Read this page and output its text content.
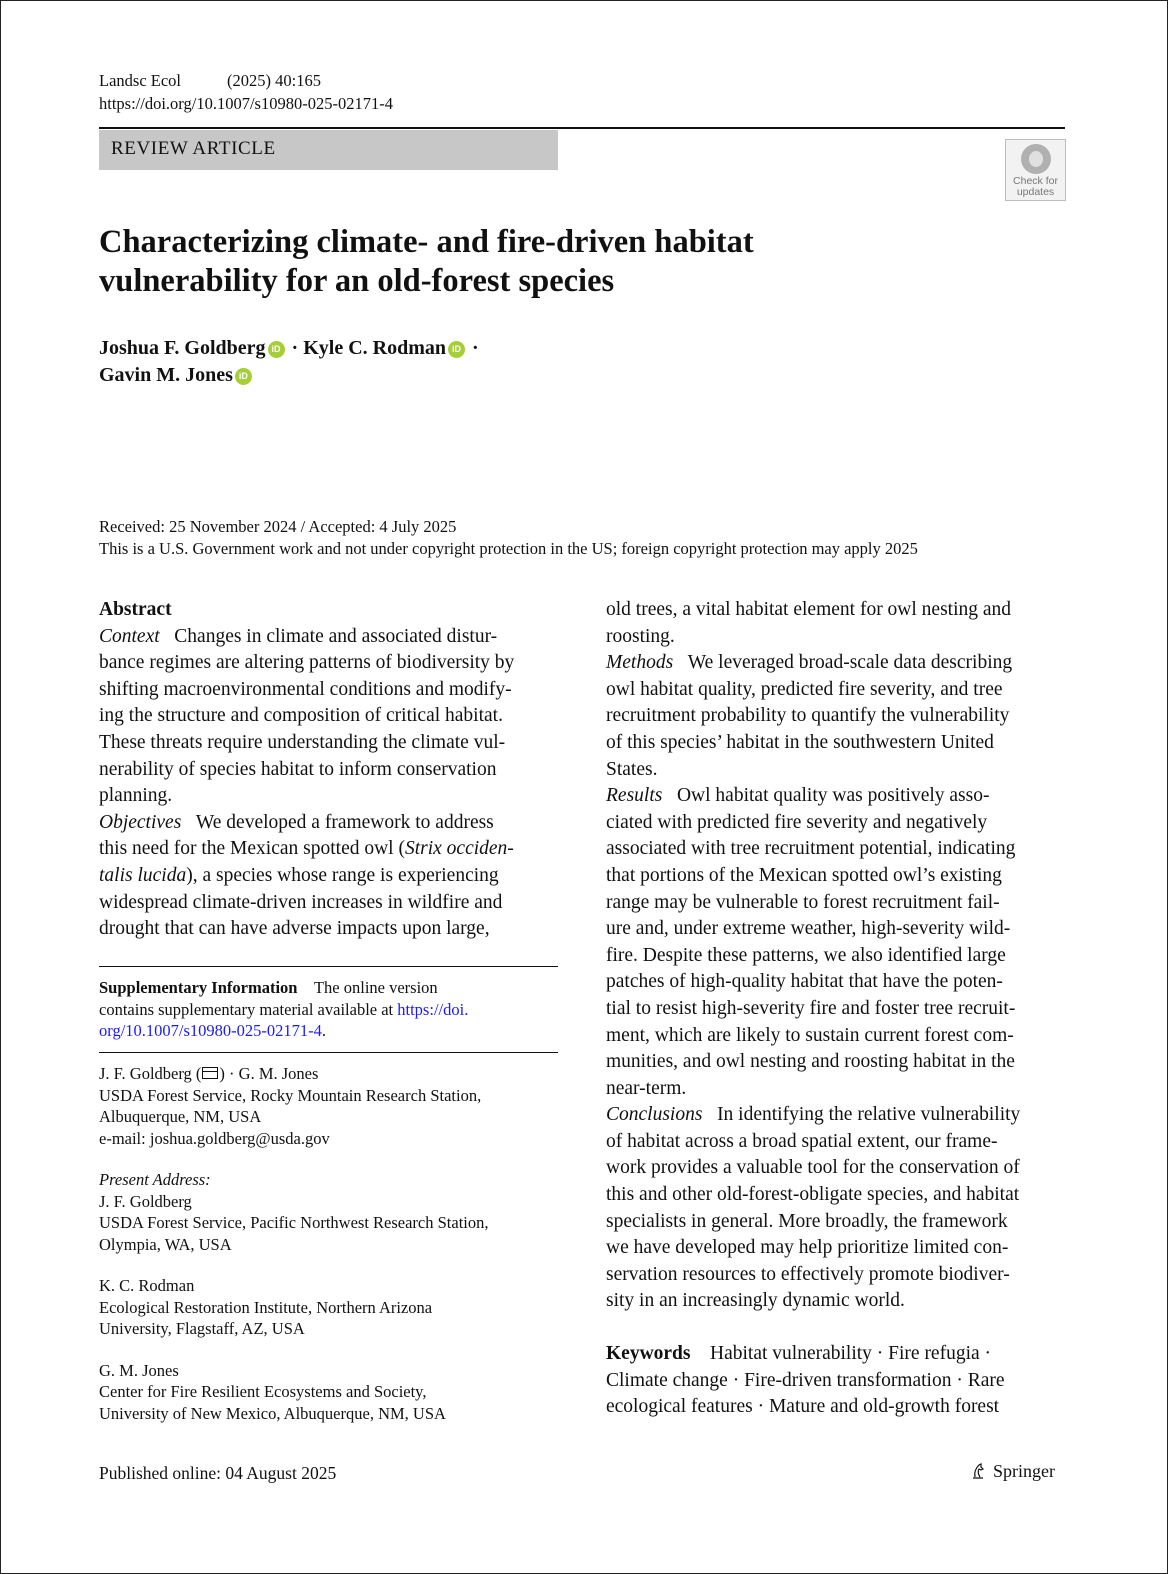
Landsc Ecol	(2025) 40:165
https://doi.org/10.1007/s10980-025-02171-4
REVIEW ARTICLE
Check for
updates
Characterizing climate- and fire-driven habitat
vulnerability for an old-forest species
Joshua F. Goldberg iD · Kyle C. Rodman iD ·
Gavin M. Jones iD
Received: 25 November 2024 / Accepted: 4 July 2025
This is a U.S. Government work and not under copyright protection in the US; foreign copyright protection may apply 2025

Abstract

Context Changes in climate and associated distur-

bance regimes are altering patterns of biodiversity by

shifting macroenvironmental conditions and modify-

ing the structure and composition of critical habitat.

These threats require understanding the climate vul-

nerability of species habitat to inform conservation

planning.

Objectives We developed a framework to address

this need for the Mexican spotted owl (Strix occiden-

talis lucida), a species whose range is experiencing

widespread climate-driven increases in wildfire and

drought that can have adverse impacts upon large,

Supplementary Information The online version
contains supplementary material available at https://doi.
org/10.1007/s10980-025-02171-4.
J. F. Goldberg ( ) · G. M. Jones
USDA Forest Service, Rocky Mountain Research Station,
Albuquerque, NM, USA
e-mail: joshua.goldberg@usda.gov
Present Address:
J. F. Goldberg
USDA Forest Service, Pacific Northwest Research Station,
Olympia, WA, USA
K. C. Rodman
Ecological Restoration Institute, Northern Arizona
University, Flagstaff, AZ, USA
G. M. Jones
Center for Fire Resilient Ecosystems and Society,
University of New Mexico, Albuquerque, NM, USA

old trees, a vital habitat element for owl nesting and

roosting.

Methods We leveraged broad-scale data describing

owl habitat quality, predicted fire severity, and tree

recruitment probability to quantify the vulnerability

of this species’ habitat in the southwestern United

States.

Results Owl habitat quality was positively asso-

ciated with predicted fire severity and negatively

associated with tree recruitment potential, indicating

that portions of the Mexican spotted owl’s existing

range may be vulnerable to forest recruitment fail-

ure and, under extreme weather, high-severity wild-

fire. Despite these patterns, we also identified large

patches of high-quality habitat that have the poten-

tial to resist high-severity fire and foster tree recruit-

ment, which are likely to sustain current forest com-

munities, and owl nesting and roosting habitat in the

near-term.

Conclusions In identifying the relative vulnerability

of habitat across a broad spatial extent, our frame-

work provides a valuable tool for the conservation of

this and other old-forest-obligate species, and habitat

specialists in general. More broadly, the framework

we have developed may help prioritize limited con-

servation resources to effectively promote biodiver-

sity in an increasingly dynamic world.

Keywords Habitat vulnerability · Fire refugia ·
Climate change · Fire-driven transformation · Rare
ecological features · Mature and old-growth forest
Published online: 04 August 2025	Springer
